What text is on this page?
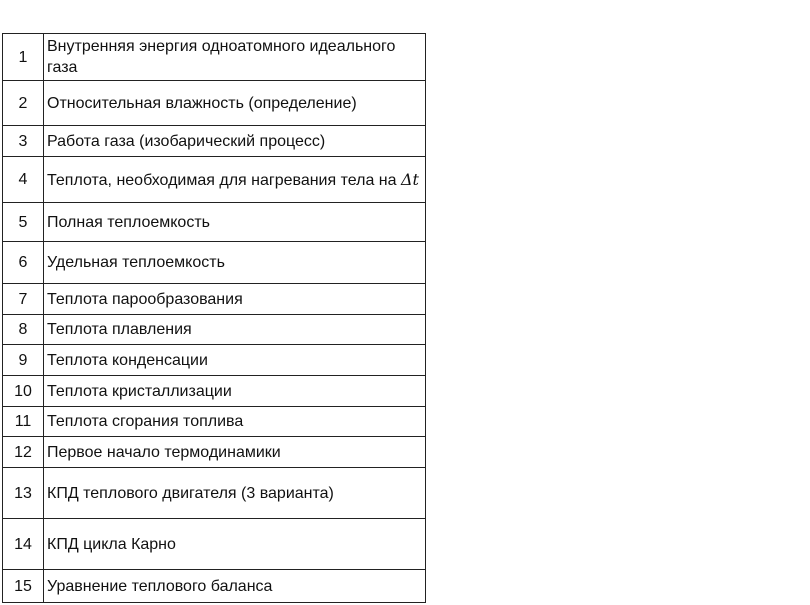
1	Внутренняя энергия одноатомного идеального газа
2	Относительная влажность (определение)
3	Работа газа (изобарический процесс)
4	Теплота, необходимая для нагревания тела на Δt
5	Полная теплоемкость
6	Удельная теплоемкость
7	Теплота парообразования
8	Теплота плавления
9	Теплота конденсации
10	Теплота кристаллизации
11	Теплота сгорания топлива
12	Первое начало термодинамики
13	КПД теплового двигателя (3 варианта)
14	КПД цикла Карно
15	Уравнение теплового баланса
